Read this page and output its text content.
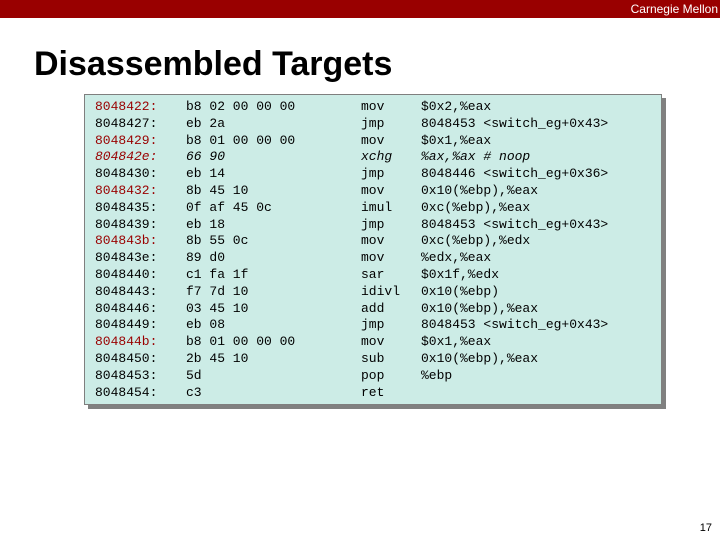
Carnegie Mellon
Disassembled Targets
8048422:
8048427:
8048429:
804842e:
8048430:
8048432:
8048435:
8048439:
804843b:
804843e:
8048440:
8048443:
8048446:
8048449:
804844b:
8048450:
8048453:
8048454:
b8 02 00 00 00
eb 2a
b8 01 00 00 00
66 90
eb 14
8b 45 10
0f af 45 0c
eb 18
8b 55 0c
89 d0
c1 fa 1f
f7 7d 10
03 45 10
eb 08
b8 01 00 00 00
2b 45 10
5d
c3
mov
jmp
mov
xchg
jmp
mov
imul
jmp
mov
mov
sar
idivl
add
jmp
mov
sub
pop
ret
$0x2,%eax
8048453 <switch_eg+0x43>
$0x1,%eax
%ax,%ax # noop
8048446 <switch_eg+0x36>
0x10(%ebp),%eax
0xc(%ebp),%eax
8048453 <switch_eg+0x43>
0xc(%ebp),%edx
%edx,%eax
$0x1f,%edx
0x10(%ebp)
0x10(%ebp),%eax
8048453 <switch_eg+0x43>
$0x1,%eax
0x10(%ebp),%eax
%ebp
17
